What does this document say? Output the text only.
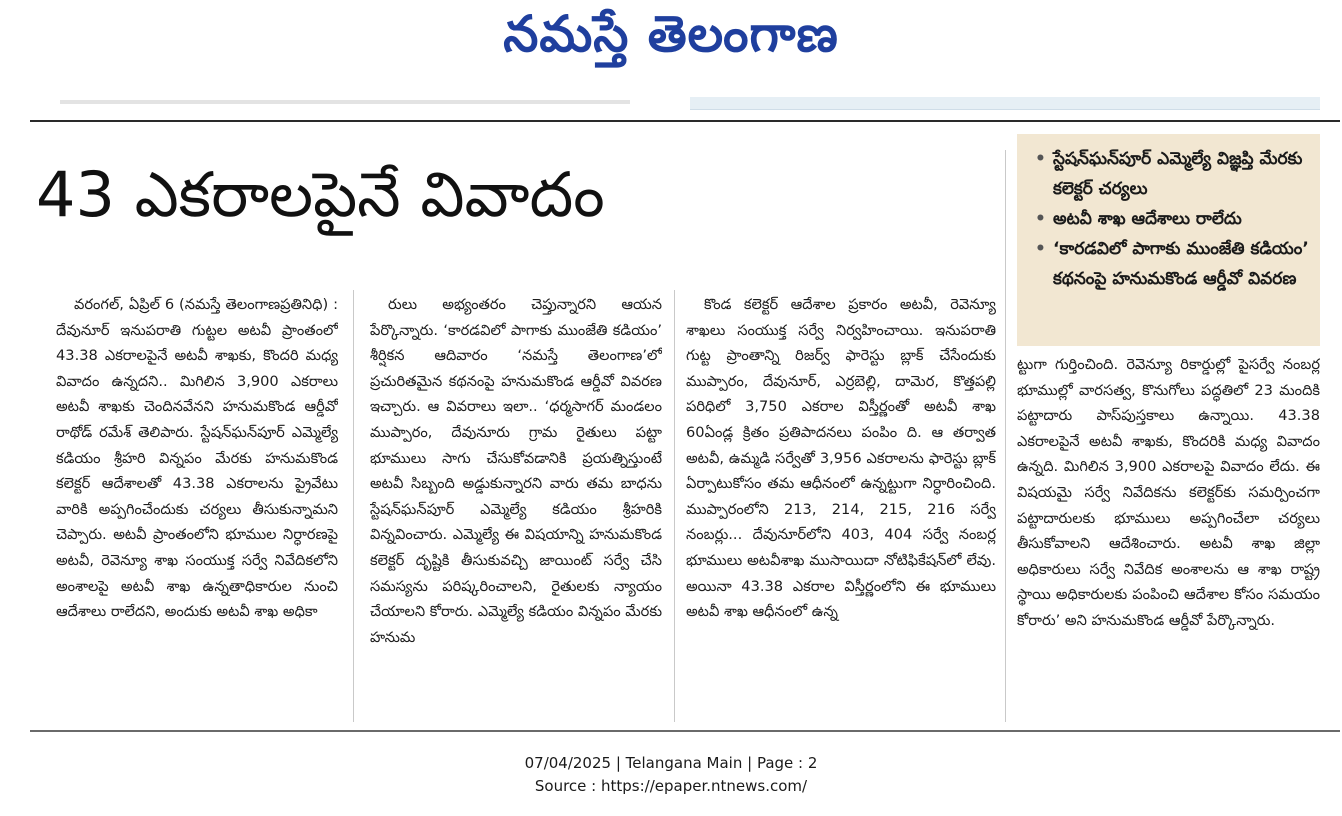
నమస్తే తెలంగాణ
43 ఎకరాలపైనే వివాదం	• స్టేషన్‌ఘన్‌పూర్ ఎమ్మెల్యే విజ్ఞప్తి మేరకు కలెక్టర్ చర్యలు
• అటవీ శాఖ ఆదేశాలు రాలేదు
• ‘కారడవిలో పాగాకు ముంజేతి కడియం’ కథనంపై హనుమకొండ ఆర్డీవో వివరణ

వరంగల్, ఏప్రిల్ 6 (నమస్తే తెలంగాణప్రతినిధి) : దేవునూర్ ఇనుపరాతి గుట్టల అటవీ ప్రాంతంలో 43.38 ఎకరాలపైనే అటవీ శాఖకు, కొందరి మధ్య వివాదం ఉన్నదని.. మిగిలిన 3,900 ఎకరాలు అటవీ శాఖకు చెందినవేనని హనుమకొండ ఆర్డీవో రాథోడ్ రమేశ్ తెలిపారు. స్టేషన్‌ఘన్‌పూర్ ఎమ్మెల్యే కడియం శ్రీహరి విన్నపం మేరకు హనుమకొండ కలెక్టర్ ఆదేశాలతో 43.38 ఎకరాలను ప్రైవేటు వారికి అప్పగించేందుకు చర్యలు తీసుకున్నామని చెప్పారు. అటవీ ప్రాంతంలోని భూముల నిర్ధారణపై అటవీ, రెవెన్యూ శాఖ సంయుక్త సర్వే నివేదికలోని అంశాలపై అటవీ శాఖ ఉన్నతాధికారుల నుంచి ఆదేశాలు రాలేదని, అందుకు అటవీ శాఖ అధికా

రులు అభ్యంతరం చెప్తున్నారని ఆయన పేర్కొన్నారు. ‘కారడవిలో పాగాకు ముంజేతి కడియం’ శీర్షికన ఆదివారం ‘నమస్తే తెలంగాణ’లో ప్రచురితమైన కథనంపై హనుమకొండ ఆర్డీవో వివరణ ఇచ్చారు. ఆ వివరాలు ఇలా.. ‘ధర్మసాగర్ మండలం ముప్పారం, దేవునూరు గ్రామ రైతులు పట్టా భూములు సాగు చేసుకోవడానికి ప్రయత్నిస్తుంటే అటవీ సిబ్బంది అడ్డుకున్నారని వారు తమ బాధను స్టేషన్‌ఘన్‌పూర్ ఎమ్మెల్యే కడియం శ్రీహరికి విన్నవించారు. ఎమ్మెల్యే ఈ విషయాన్ని హనుమకొండ కలెక్టర్ దృష్టికి తీసుకువచ్చి జాయింట్ సర్వే చేసి సమస్యను పరిష్కరించాలని, రైతులకు న్యాయం చేయాలని కోరారు. ఎమ్మెల్యే కడియం విన్నపం మేరకు హనుమ

కొండ కలెక్టర్ ఆదేశాల ప్రకారం అటవీ, రెవెన్యూ శాఖలు సంయుక్త సర్వే నిర్వహించాయి. ఇనుపరాతి గుట్ట ప్రాంతాన్ని రిజర్వ్ ఫారెస్టు బ్లాక్ చేసేందుకు ముప్పారం, దేవునూర్, ఎర్రబెల్లి, దామెర, కొత్తపల్లి పరిధిలో 3,750 ఎకరాల విస్తీర్ణంతో అటవీ శాఖ 60ఏండ్ల క్రితం ప్రతిపాదనలు పంపిం ది. ఆ తర్వాత అటవీ, ఉమ్మడి సర్వేతో 3,956 ఎకరాలను ఫారెస్టు బ్లాక్ ఏర్పాటుకోసం తమ ఆధీనంలో ఉన్నట్టుగా నిర్ధారించింది. ముప్పారంలోని 213, 214, 215, 216 సర్వే నంబర్లు... దేవునూర్‌లోని 403, 404 సర్వే నంబర్ల భూములు అటవీశాఖ ముసాయిదా నోటిఫికేషన్‌లో లేవు. అయినా 43.38 ఎకరాల విస్తీర్ణంలోని ఈ భూములు అటవీ శాఖ ఆధీనంలో ఉన్న

ట్టుగా గుర్తించింది. రెవెన్యూ రికార్డుల్లో పైసర్వే నంబర్ల భూముల్లో వారసత్వ, కొనుగోలు పద్ధతిలో 23 మందికి పట్టాదారు పాస్‌పుస్తకాలు ఉన్నాయి. 43.38 ఎకరాలపైనే అటవీ శాఖకు, కొందరికి మధ్య వివాదం ఉన్నది. మిగిలిన 3,900 ఎకరాలపై వివాదం లేదు. ఈ విషయమై సర్వే నివేదికను కలెక్టర్‌కు సమర్పించగా పట్టాదారులకు భూములు అప్పగించేలా చర్యలు తీసుకోవాలని ఆదేశించారు. అటవీ శాఖ జిల్లా అధికారులు సర్వే నివేదిక అంశాలను ఆ శాఖ రాష్ట్ర స్థాయి అధికారులకు పంపించి ఆదేశాల కోసం సమయం కోరారు’ అని హనుమకొండ ఆర్డీవో పేర్కొన్నారు.

07/04/2025 | Telangana Main | Page : 2
Source : https://epaper.ntnews.com/
